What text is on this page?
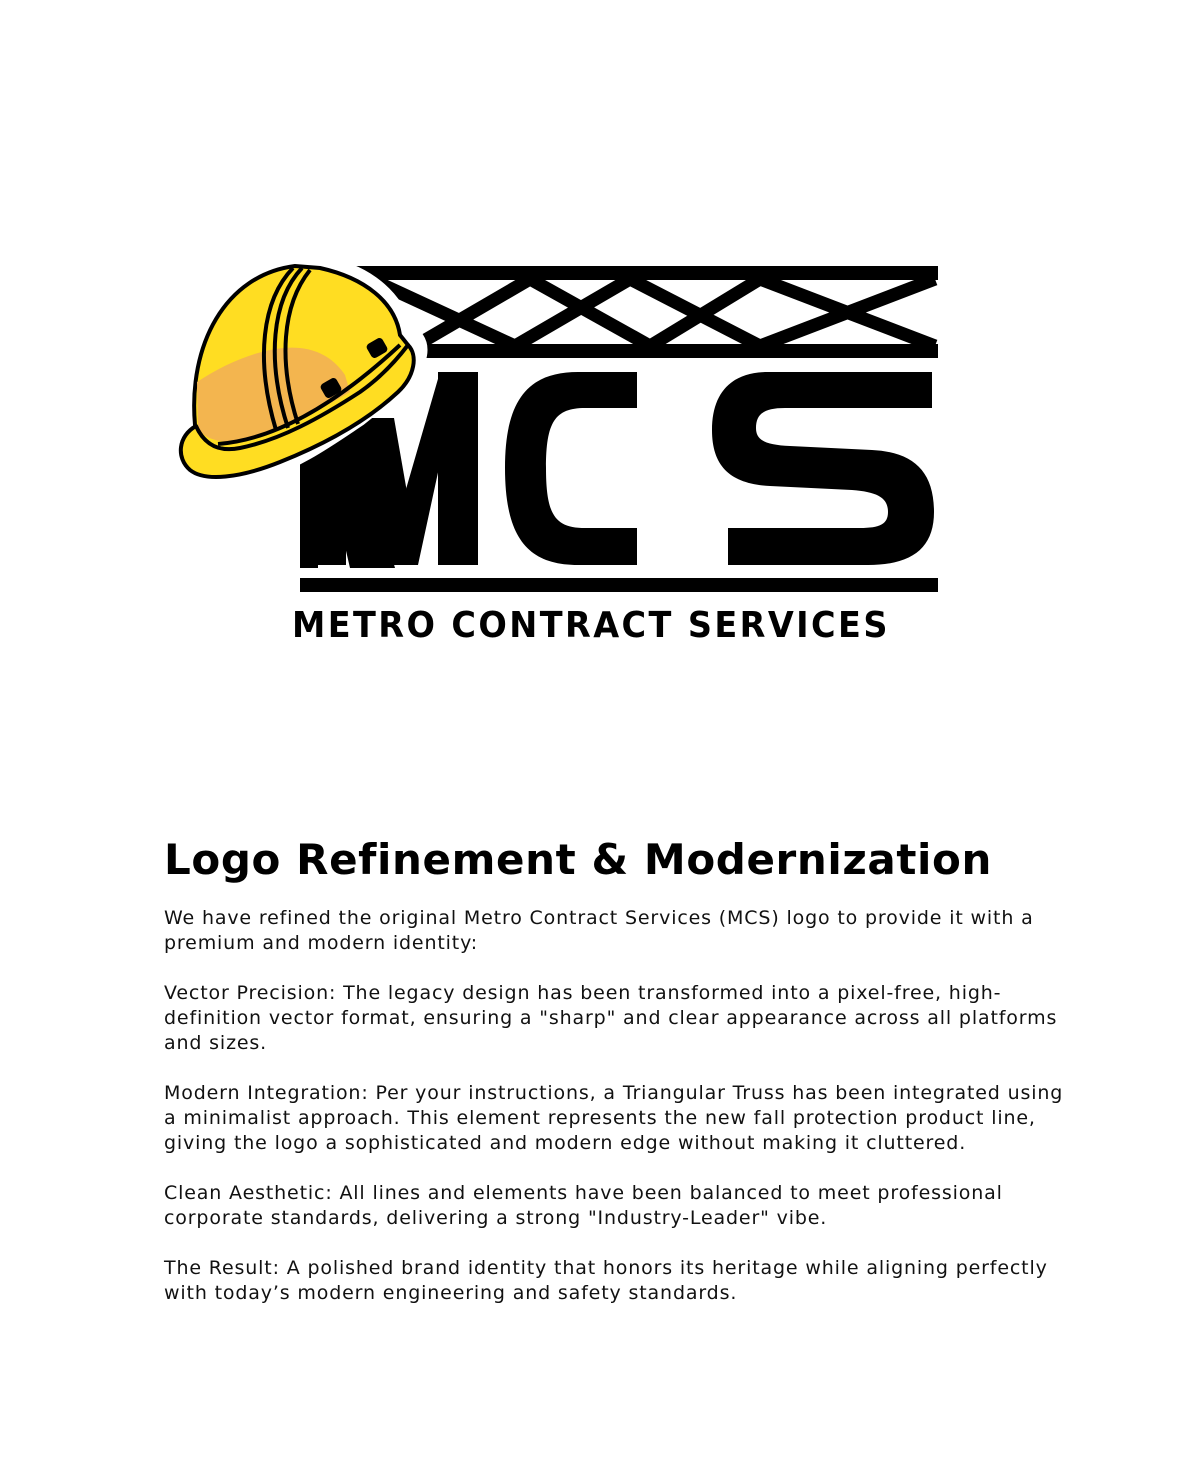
METRO CONTRACT SERVICES
Logo Refinement & Modernization

We have refined the original Metro Contract Services (MCS) logo to provide it with a premium and modern identity:

Vector Precision: The legacy design has been transformed into a pixel-free, high-definition vector format, ensuring a "sharp" and clear appearance across all platforms and sizes.

Modern Integration: Per your instructions, a Triangular Truss has been integrated using a minimalist approach. This element represents the new fall protection product line, giving the logo a sophisticated and modern edge without making it cluttered.

Clean Aesthetic: All lines and elements have been balanced to meet professional corporate standards, delivering a strong "Industry-Leader" vibe.

The Result: A polished brand identity that honors its heritage while aligning perfectly with today’s modern engineering and safety standards.
